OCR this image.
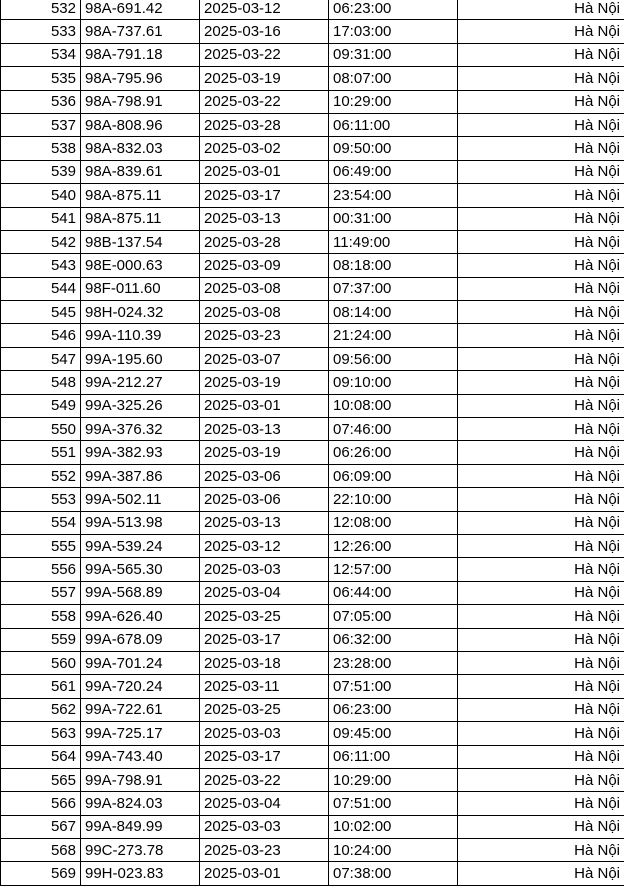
532	98A-691.42	2025-03-12	06:23:00	Hà Nội
533	98A-737.61	2025-03-16	17:03:00	Hà Nội
534	98A-791.18	2025-03-22	09:31:00	Hà Nội
535	98A-795.96	2025-03-19	08:07:00	Hà Nội
536	98A-798.91	2025-03-22	10:29:00	Hà Nội
537	98A-808.96	2025-03-28	06:11:00	Hà Nội
538	98A-832.03	2025-03-02	09:50:00	Hà Nội
539	98A-839.61	2025-03-01	06:49:00	Hà Nội
540	98A-875.11	2025-03-17	23:54:00	Hà Nội
541	98A-875.11	2025-03-13	00:31:00	Hà Nội
542	98B-137.54	2025-03-28	11:49:00	Hà Nội
543	98E-000.63	2025-03-09	08:18:00	Hà Nội
544	98F-011.60	2025-03-08	07:37:00	Hà Nội
545	98H-024.32	2025-03-08	08:14:00	Hà Nội
546	99A-110.39	2025-03-23	21:24:00	Hà Nội
547	99A-195.60	2025-03-07	09:56:00	Hà Nội
548	99A-212.27	2025-03-19	09:10:00	Hà Nội
549	99A-325.26	2025-03-01	10:08:00	Hà Nội
550	99A-376.32	2025-03-13	07:46:00	Hà Nội
551	99A-382.93	2025-03-19	06:26:00	Hà Nội
552	99A-387.86	2025-03-06	06:09:00	Hà Nội
553	99A-502.11	2025-03-06	22:10:00	Hà Nội
554	99A-513.98	2025-03-13	12:08:00	Hà Nội
555	99A-539.24	2025-03-12	12:26:00	Hà Nội
556	99A-565.30	2025-03-03	12:57:00	Hà Nội
557	99A-568.89	2025-03-04	06:44:00	Hà Nội
558	99A-626.40	2025-03-25	07:05:00	Hà Nội
559	99A-678.09	2025-03-17	06:32:00	Hà Nội
560	99A-701.24	2025-03-18	23:28:00	Hà Nội
561	99A-720.24	2025-03-11	07:51:00	Hà Nội
562	99A-722.61	2025-03-25	06:23:00	Hà Nội
563	99A-725.17	2025-03-03	09:45:00	Hà Nội
564	99A-743.40	2025-03-17	06:11:00	Hà Nội
565	99A-798.91	2025-03-22	10:29:00	Hà Nội
566	99A-824.03	2025-03-04	07:51:00	Hà Nội
567	99A-849.99	2025-03-03	10:02:00	Hà Nội
568	99C-273.78	2025-03-23	10:24:00	Hà Nội
569	99H-023.83	2025-03-01	07:38:00	Hà Nội
